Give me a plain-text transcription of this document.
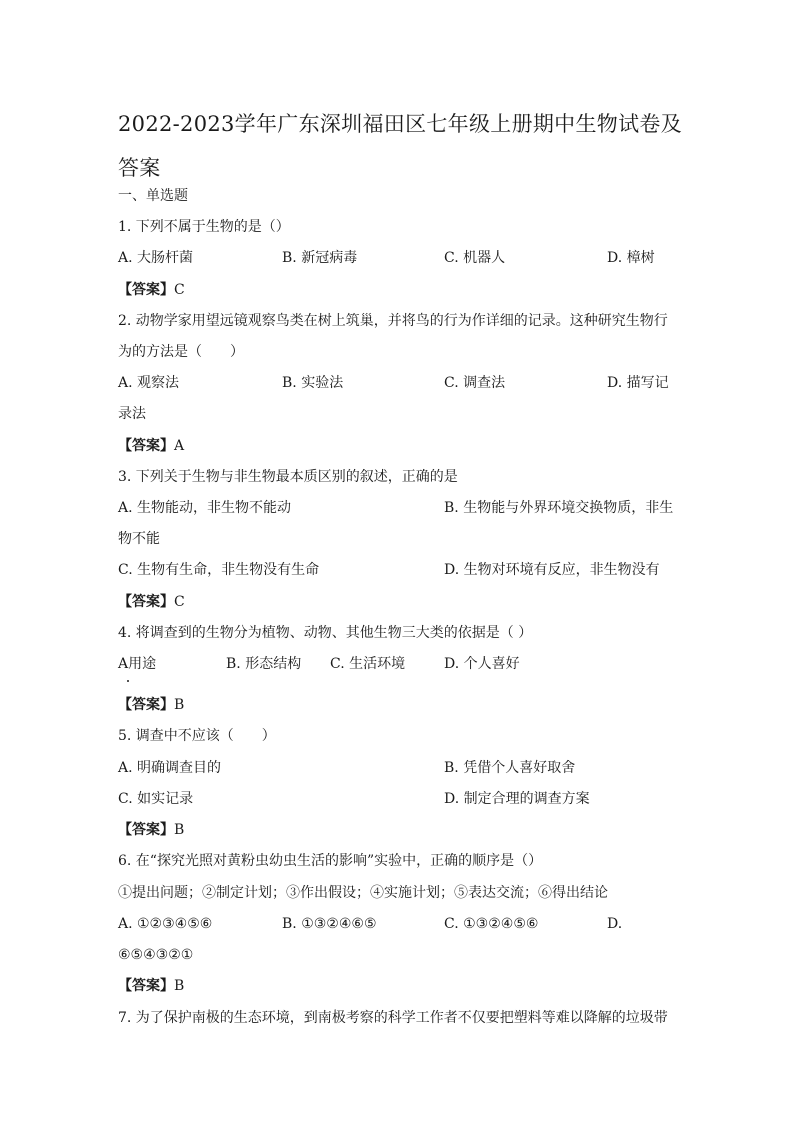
2022-2023学年广东深圳福田区七年级上册期中生物试卷及答案
一、单选题
1. 下列不属于生物的是（）
A. 大肠杆菌	B. 新冠病毒	C. 机器人	D. 樟树
【答案】C
2. 动物学家用望远镜观察鸟类在树上筑巢，并将鸟的行为作详细的记录。这种研究生物行
为的方法是（　　）
A. 观察法	B. 实验法	C. 调查法	D. 描写记
录法
【答案】A
3. 下列关于生物与非生物最本质区别的叙述，正确的是
A. 生物能动，非生物不能动	B. 生物能与外界环境交换物质，非生
物不能
C. 生物有生命，非生物没有生命	D. 生物对环境有反应，非生物没有
【答案】C
4. 将调查到的生物分为植物、动物、其他生物三大类的依据是（ ）
A用途	B. 形态结构 C. 生活环境	D. 个人喜好
【答案】B
5. 调查中不应该（　　）
A. 明确调查目的	B. 凭借个人喜好取舍
C. 如实记录	D. 制定合理的调查方案
【答案】B
6. 在“探究光照对黄粉虫幼虫生活的影响”实验中，正确的顺序是（）
①提出问题；②制定计划；③作出假设；④实施计划；⑤表达交流；⑥得出结论
A. ①②③④⑤⑥	B. ①③②④⑥⑤	C. ①③②④⑤⑥	D.
⑥⑤④③②①
【答案】B
7. 为了保护南极的生态环境，到南极考察的科学工作者不仅要把塑料等难以降解的垃圾带
